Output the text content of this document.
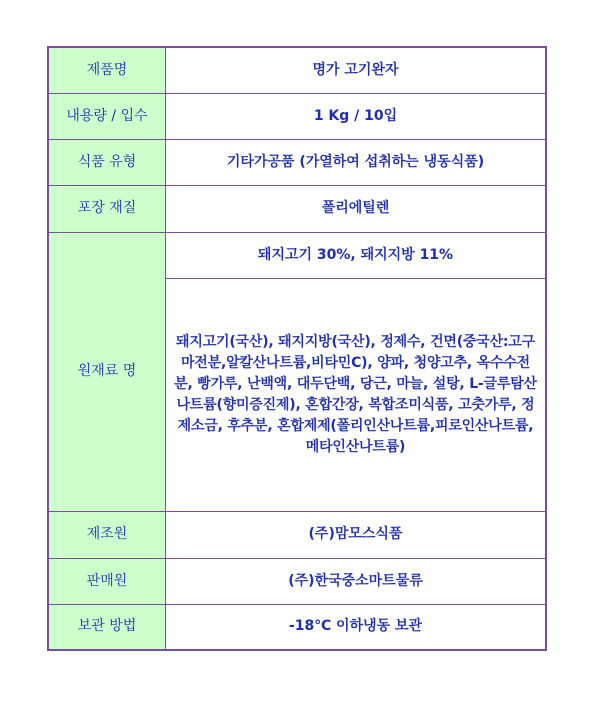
제품명	명가 고기완자
내용량 / 입수	1 Kg / 10입
식품 유형	기타가공품 (가열하여 섭취하는 냉동식품)
포장 재질	폴리에틸렌
원재료 명	돼지고기 30%, 돼지지방 11%
	돼지고기(국산), 돼지지방(국산), 정제수, 건면(중국산:고구마전분,알칼산나트륨,비타민C), 양파, 청양고추, 옥수수전분, 빵가루, 난백액, 대두단백, 당근, 마늘, 설탕, L-글루탐산나트륨(향미증진제), 혼합간장, 복합조미식품, 고춧가루, 정제소금, 후추분, 혼합제제(폴리인산나트륨,피로인산나트륨,메타인산나트륨)
제조원	(주)맘모스식품
판매원	(주)한국중소마트물류
보관 방법	-18℃ 이하냉동 보관
